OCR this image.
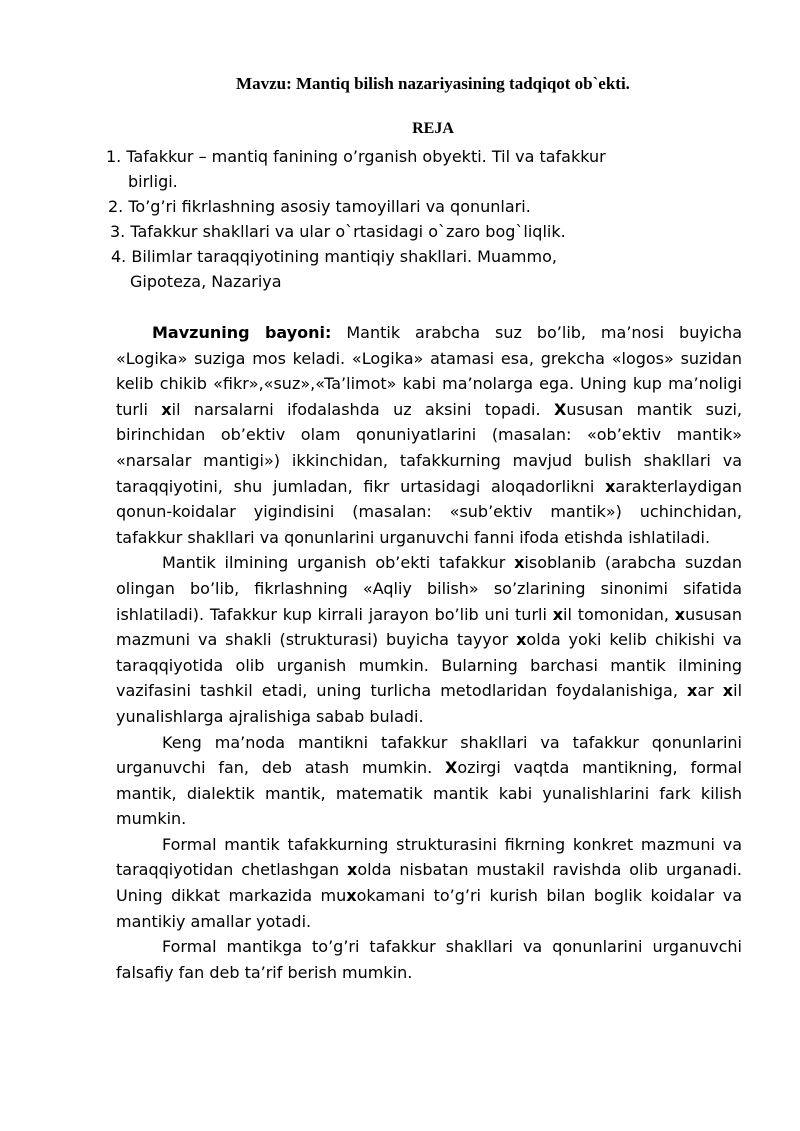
Mavzu: Mantiq bilish nazariyasining tadqiqot ob`ekti.

REJA

1. Tafakkur – mantiq fanining o’rganish obyekti. Til va tafakkur
birligi.
2. To’g’ri fikrlashning asosiy tamoyillari va qonunlari.
3. Tafakkur shakllari va ular o`rtasidagi o`zaro bog`liqlik.
4. Bilimlar taraqqiyotining mantiqiy shakllari. Muammo,
Gipoteza, Nazariya

Mavzuning bayoni: Mantik arabcha suz bo’lib, ma’nosi buyicha «Logika» suziga mos keladi. «Logika» atamasi esa, grekcha «logos» suzidan kelib chikib «fikr»,«suz»,«Ta’limot» kabi ma’nolarga ega. Uning kup ma’noligi turli xil narsalarni ifodalashda uz aksini topadi. Xususan mantik suzi, birinchidan ob’ektiv olam qonuniyatlarini (masalan: «ob’ektiv mantik» «narsalar mantigi») ikkinchidan, tafakkurning mavjud bulish shakllari va taraqqiyotini, shu jumladan, fikr urtasidagi aloqadorlikni xarakterlaydigan qonun-koidalar yigindisini (masalan: «sub’ektiv mantik») uchinchidan, tafakkur shakllari va qonunlarini urganuvchi fanni ifoda etishda ishlatiladi.

Mantik ilmining urganish ob’ekti tafakkur xisoblanib (arabcha suzdan olingan bo’lib, fikrlashning «Aqliy bilish» so’zlarining sinonimi sifatida ishlatiladi). Tafakkur kup kirrali jarayon bo’lib uni turli xil tomonidan, xususan mazmuni va shakli (strukturasi) buyicha tayyor xolda yoki kelib chikishi va taraqqiyotida olib urganish mumkin. Bularning barchasi mantik ilmining vazifasini tashkil etadi, uning turlicha metodlaridan foydalanishiga, xar xil yunalishlarga ajralishiga sabab buladi.

Keng ma’noda mantikni tafakkur shakllari va tafakkur qonunlarini urganuvchi fan, deb atash mumkin. Xozirgi vaqtda mantikning, formal mantik, dialektik mantik, matematik mantik kabi yunalishlarini fark kilish mumkin.

Formal mantik tafakkurning strukturasini fikrning konkret mazmuni va taraqqiyotidan chetlashgan xolda nisbatan mustakil ravishda olib urganadi. Uning dikkat markazida muxokamani to’g’ri kurish bilan boglik koidalar va mantikiy amallar yotadi.

Formal mantikga to’g’ri tafakkur shakllari va qonunlarini urganuvchi falsafiy fan deb ta’rif berish mumkin.
